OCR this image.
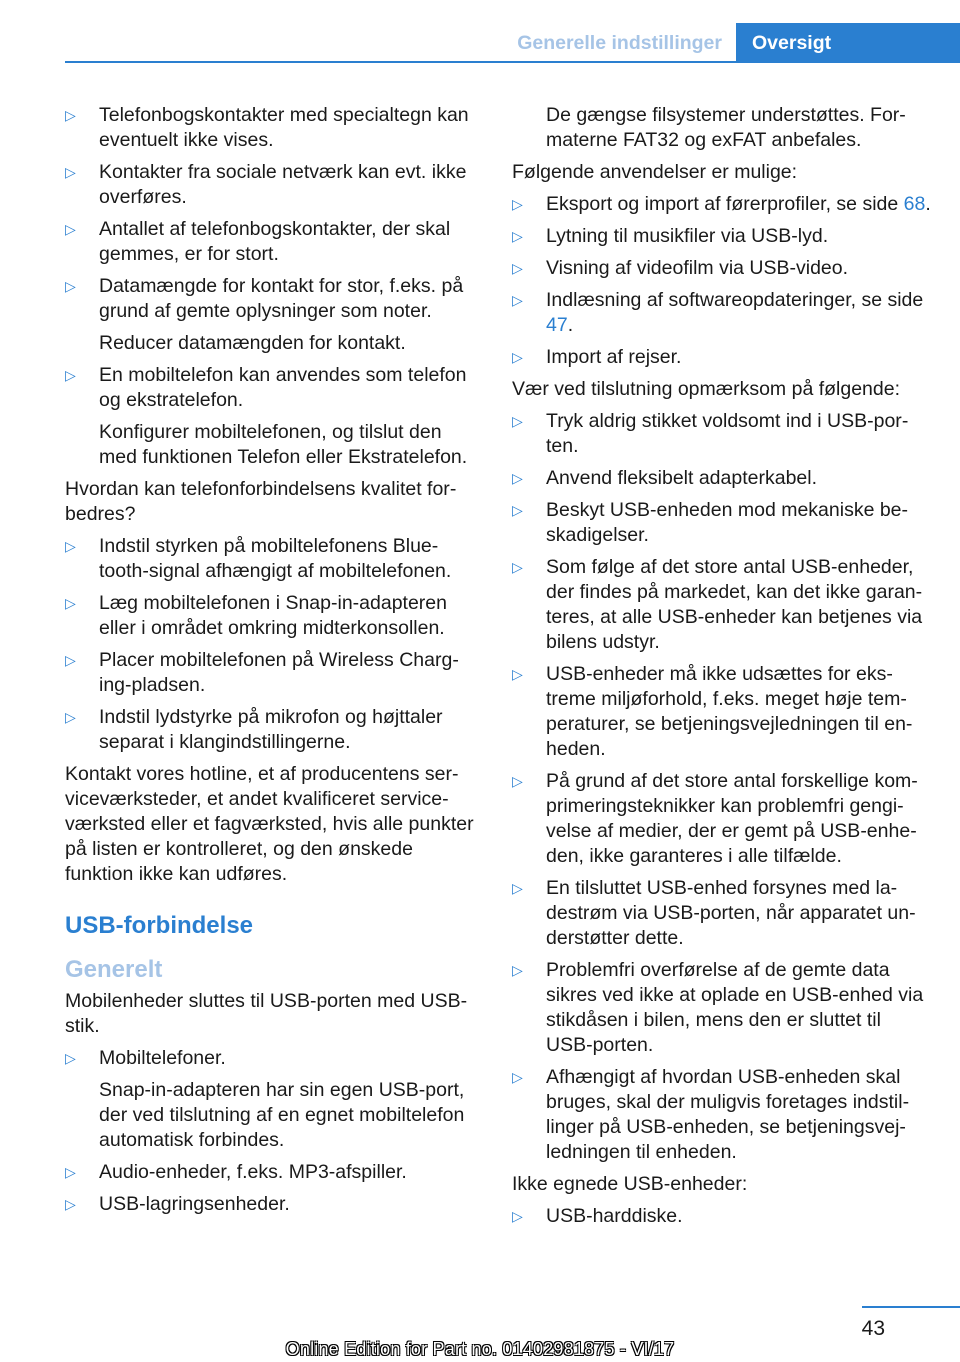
Generelle indstillinger	Oversigt
▷ Telefonbogskontakter med specialtegn kan eventuelt ikke vises.
▷ Kontakter fra sociale netværk kan evt. ikke overføres.
▷ Antallet af telefonbogskontakter, der skal gemmes, er for stort.
▷ Datamængde for kontakt for stor, f.eks. på grund af gemte oplysninger som noter.
Reducer datamængden for kontakt.
▷ En mobiltelefon kan anvendes som telefon og ekstratelefon.
Konfigurer mobiltelefonen, og tilslut den med funktionen Telefon eller Ekstratelefon.

Hvordan kan telefonforbindelsens kvalitet forbedres?

▷ Indstil styrken på mobiltelefonens Bluetooth-signal afhængigt af mobiltelefonen.
▷ Læg mobiltelefonen i Snap-in-adapteren eller i området omkring midterkonsollen.
▷ Placer mobiltelefonen på Wireless Charging-pladsen.
▷ Indstil lydstyrke på mikrofon og højttaler separat i klangindstillingerne.

Kontakt vores hotline, et af producentens serviceværksteder, et andet kvalificeret serviceværksted eller et fagværksted, hvis alle punkter på listen er kontrolleret, og den ønskede funktion ikke kan udføres.

USB-forbindelse
Generelt

Mobilenheder sluttes til USB-porten med USB-stik.

▷ Mobiltelefoner.
Snap-in-adapteren har sin egen USB-port, der ved tilslutning af en egnet mobiltelefon automatisk forbindes.
▷ Audio-enheder, f.eks. MP3-afspiller.
▷ USB-lagringsenheder.

De gængse filsystemer understøttes. Formaterne FAT32 og exFAT anbefales.

Følgende anvendelser er mulige:

▷ Eksport og import af førerprofiler, se side 68.
▷ Lytning til musikfiler via USB-lyd.
▷ Visning af videofilm via USB-video.
▷ Indlæsning af softwareopdateringer, se side 47.
▷ Import af rejser.

Vær ved tilslutning opmærksom på følgende:

▷ Tryk aldrig stikket voldsomt ind i USB-porten.
▷ Anvend fleksibelt adapterkabel.
▷ Beskyt USB-enheden mod mekaniske beskadigelser.
▷ Som følge af det store antal USB-enheder, der findes på markedet, kan det ikke garanteres, at alle USB-enheder kan betjenes via bilens udstyr.
▷ USB-enheder må ikke udsættes for ekstreme miljøforhold, f.eks. meget høje temperaturer, se betjeningsvejledningen til enheden.
▷ På grund af det store antal forskellige komprimeringsteknikker kan problemfri gengivelse af medier, der er gemt på USB-enheden, ikke garanteres i alle tilfælde.
▷ En tilsluttet USB-enhed forsynes med ladestrøm via USB-porten, når apparatet understøtter dette.
▷ Problemfri overførelse af de gemte data sikres ved ikke at oplade en USB-enhed via stikdåsen i bilen, mens den er sluttet til USB-porten.
▷ Afhængigt af hvordan USB-enheden skal bruges, skal der muligvis foretages indstillinger på USB-enheden, se betjeningsvejledningen til enheden.

Ikke egnede USB-enheder:

▷ USB-harddiske.
43
Online Edition for Part no. 01402981875 - VI/17
